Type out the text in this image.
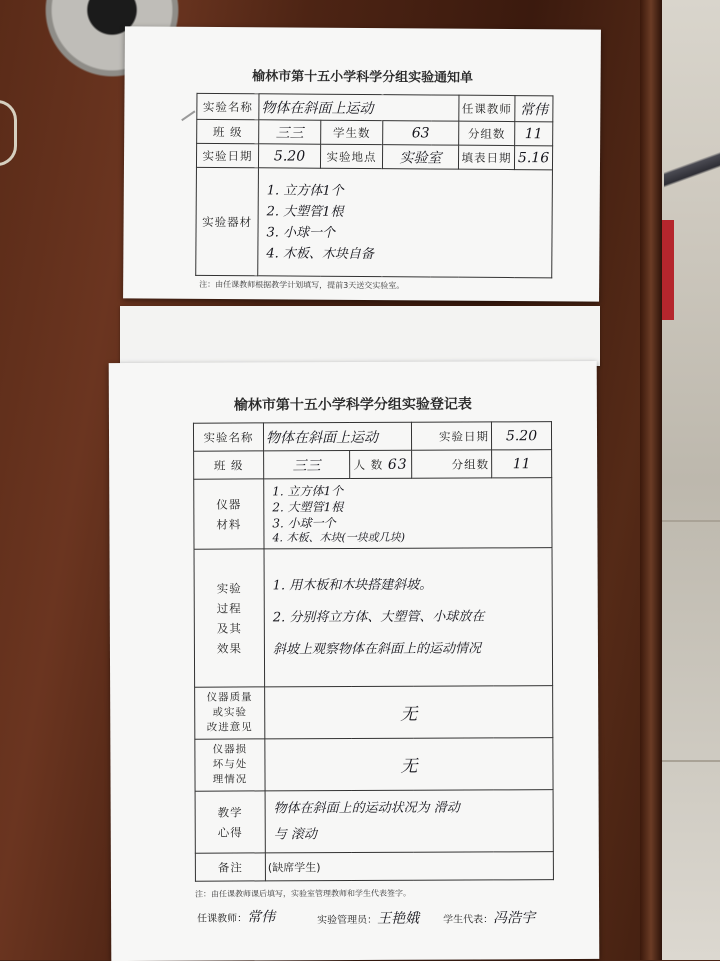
榆林市第十五小学科学分组实验通知单
实验名称	物体在斜面上运动			任课教师	常伟
班 级	三三	学生数	63	分组数	11
实验日期	5.20	实验地点	实验室	填表日期	5.16
实验器材	1. 立方体1个
2. 大塑管1根
3. 小球一个
4. 木板、木块自备				
注：由任课教师根据教学计划填写，提前3天送交实验室。
榆林市第十五小学科学分组实验登记表
实验名称	物体在斜面上运动		实验日期	5.20
班 级	三三	人 数 63	分组数	11

仪器
材料	1. 立方体1个
2. 大塑管1根
3. 小球一个
4. 木板、木块(一块或几块)			

实验
过程
及其
效果	1. 用木板和木块搭建斜坡。
2. 分别将立方体、大塑管、小球放在
斜坡上观察物体在斜面上的运动情况			

仪器质量
或实验
改进意见	无			

仪器损
坏与处
理情况	无			

教学
心得	物体在斜面上的运动状况为 滑动
与 滚动			

备注	(缺席学生)			
注：由任课教师课后填写，实验室管理教师和学生代表签字。
任课教师：常伟	实验管理员：王艳娥 学生代表：冯浩宇
